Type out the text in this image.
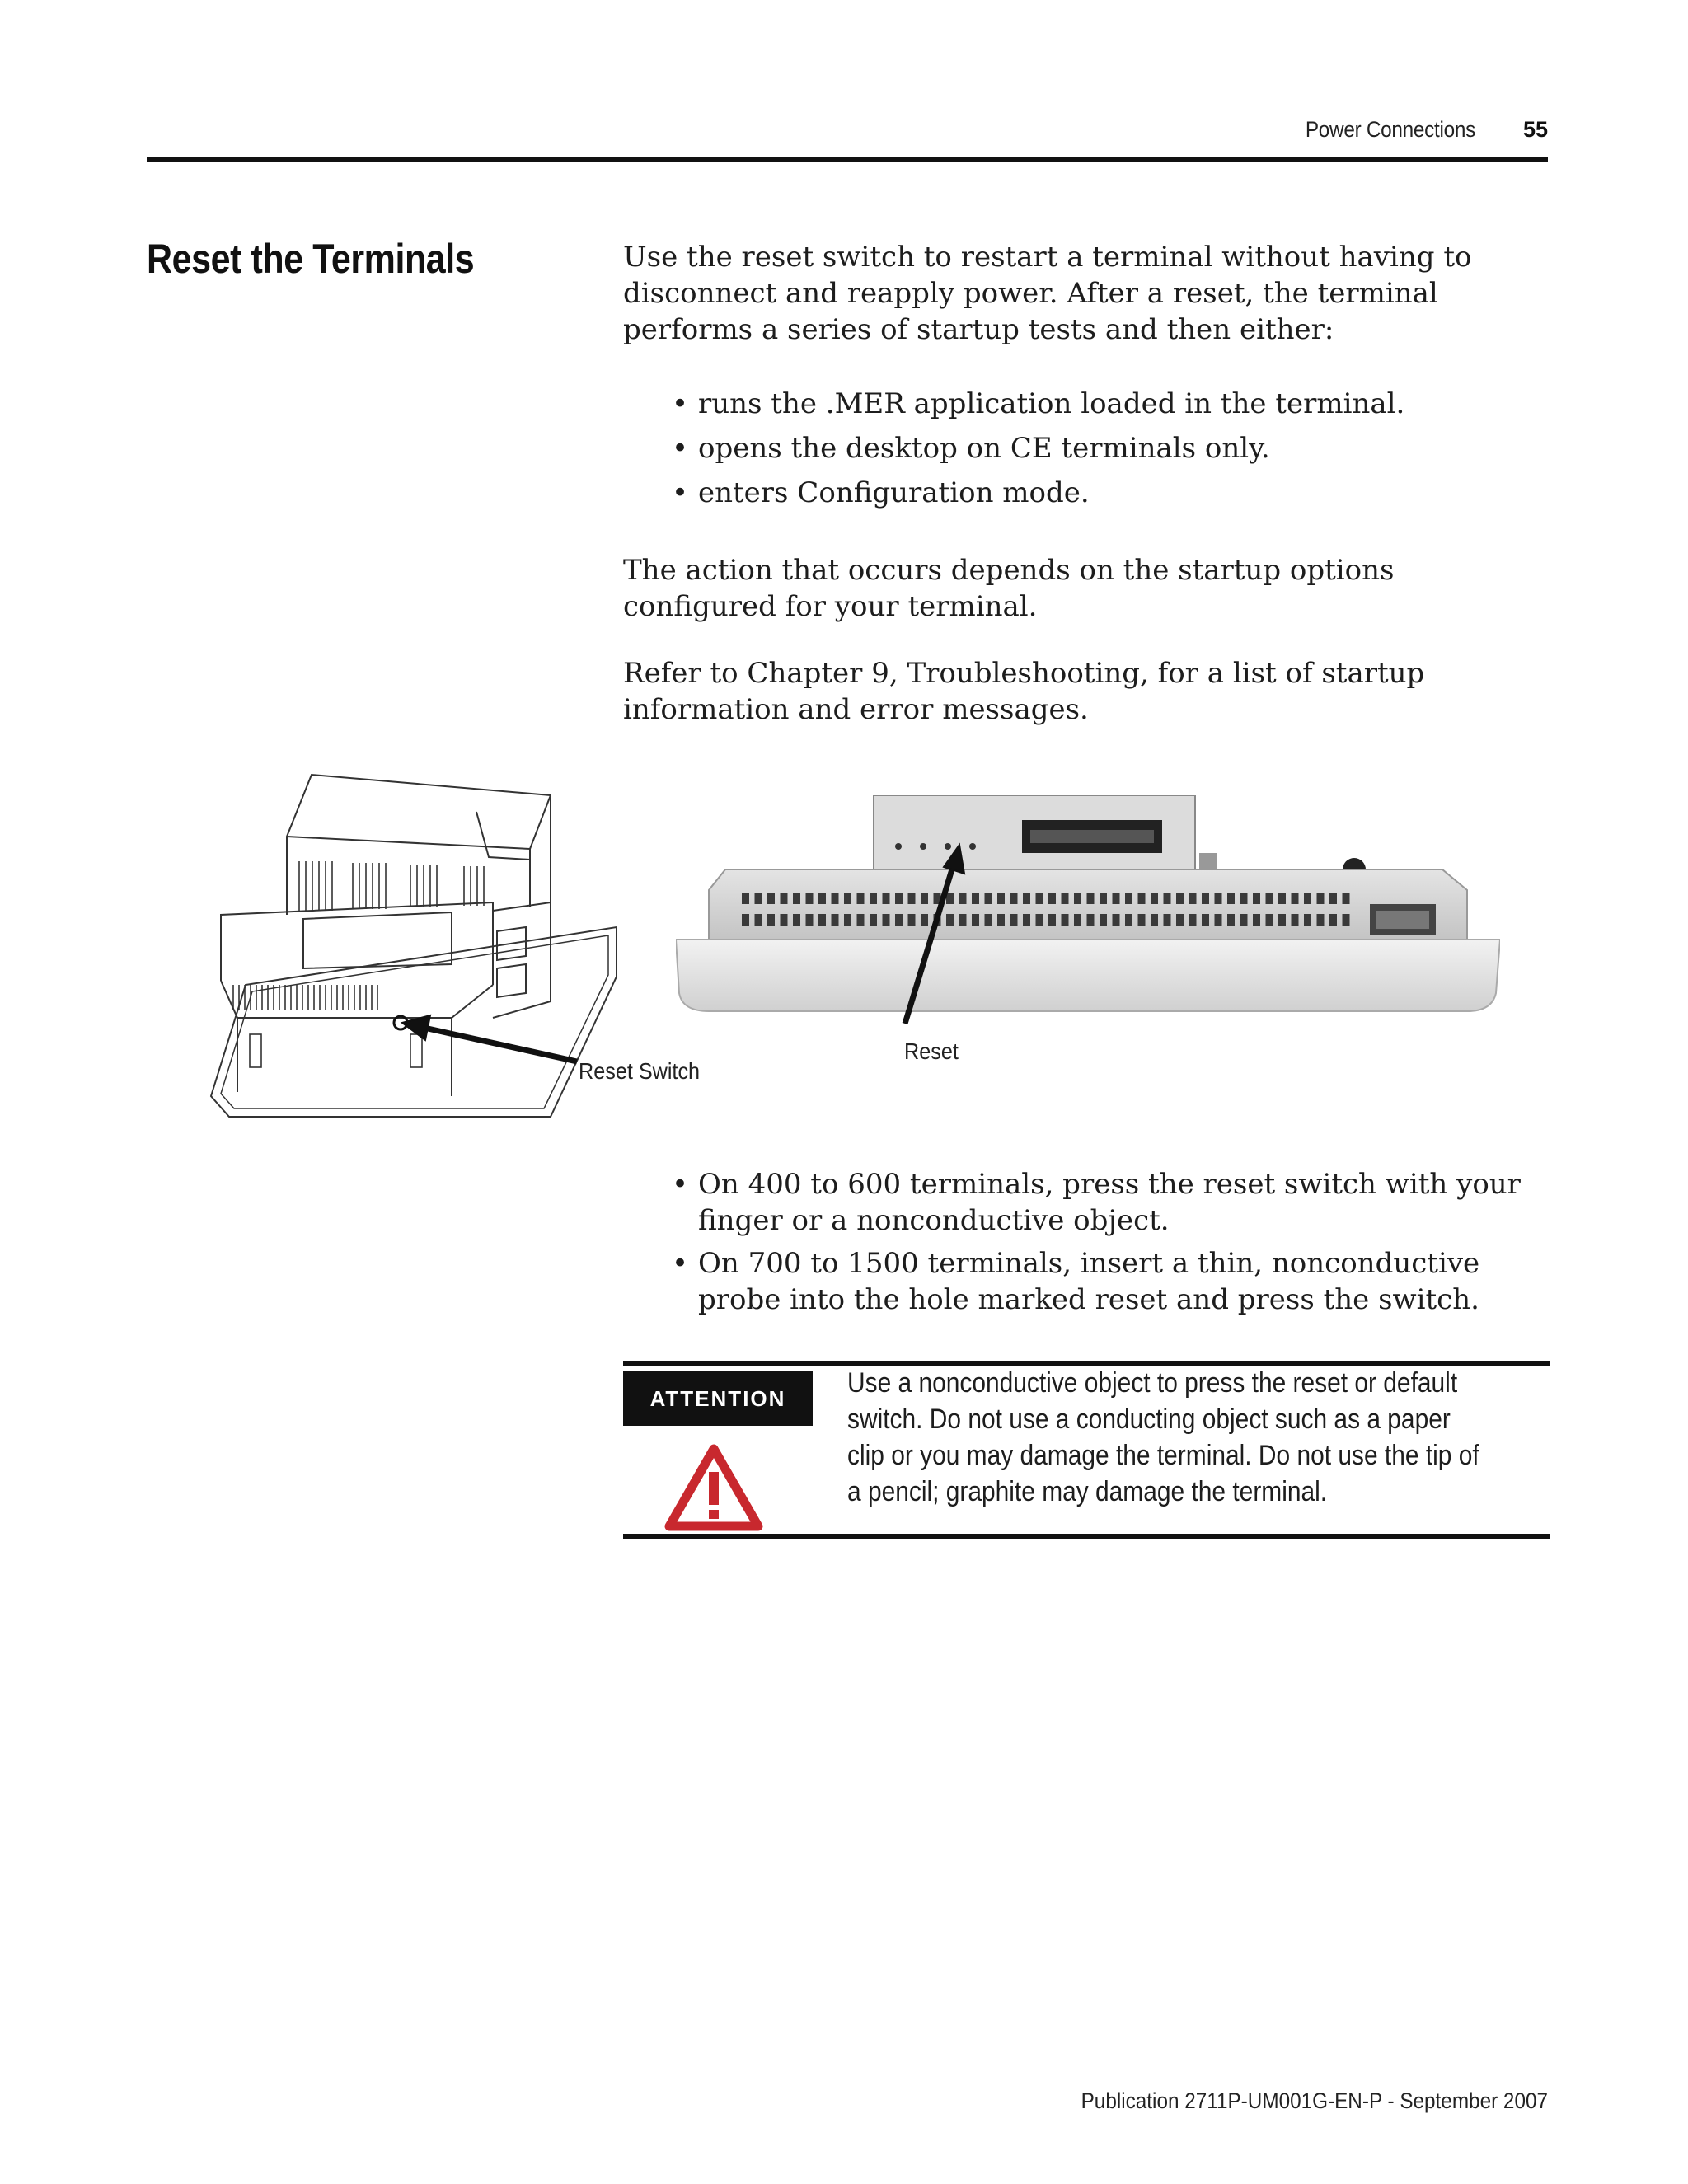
Power Connections	55
Reset the Terminals	Use the reset switch to restart a terminal without having to disconnect and reapply power. After a reset, the terminal performs a series of startup tests and then either:
• runs the .MER application loaded in the terminal.
• opens the desktop on CE terminals only.
• enters Configuration mode.
The action that occurs depends on the startup options configured for your terminal.
Refer to Chapter 9, Troubleshooting, for a list of startup information and error messages.
Reset Switch
Reset
• On 400 to 600 terminals, press the reset switch with your finger or a nonconductive object.
• On 700 to 1500 terminals, insert a thin, nonconductive probe into the hole marked reset and press the switch.
ATTENTION	Use a nonconductive object to press the reset or default switch. Do not use a conducting object such as a paper clip or you may damage the terminal. Do not use the tip of a pencil; graphite may damage the terminal.
Publication 2711P-UM001G-EN-P - September 2007
